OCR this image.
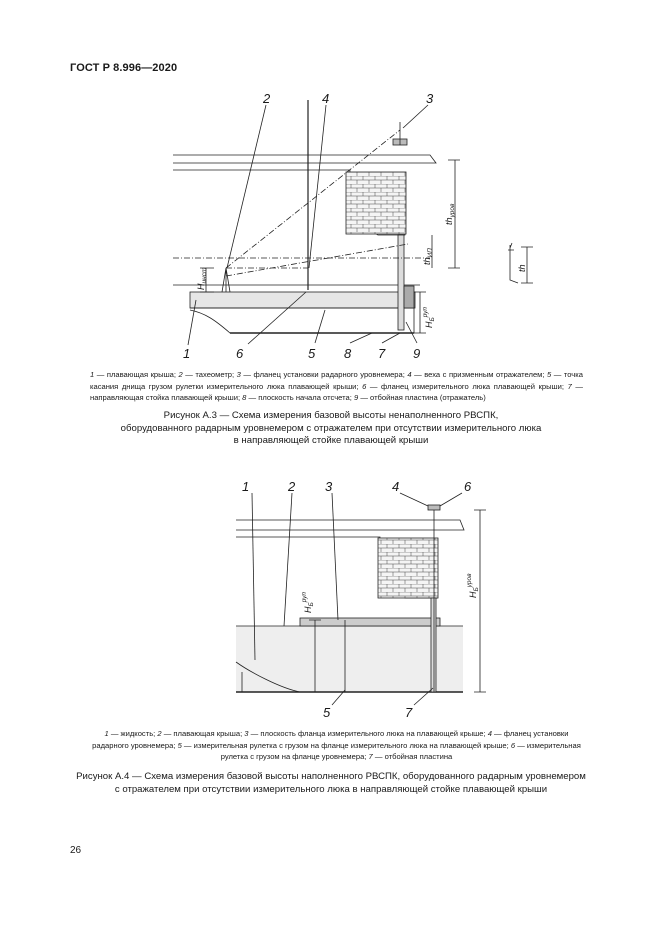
ГОСТ Р 8.996—2020
2	4	3
1	6	5 8 7 9
$H_{инст}$
$th_{уров}$
$th_{ИП}$
$H_Б^{руп}$
th
1 — плавающая крыша; 2 — тахеометр; 3 — фланец установки радарного уровнемера; 4 — веха с призменным отражателем; 5 — точка касания днища грузом рулетки измерительного люка плавающей крыши; 6 — фланец измерительного люка плавающей крыши; 7 — направляющая стойка плавающей крыши; 8 — плоскость начала отсчета; 9 — отбойная пластина (отражатель)
Рисунок А.3 — Схема измерения базовой высоты ненаполненного РВСПК,
оборудованного радарным уровнемером с отражателем при отсутствии измерительного люка
в направляющей стойке плавающей крыши
1	2 3	4	6
5	7
$H_Б^{руп}$	$H_Б^{уров}$
1 — жидкость; 2 — плавающая крыша; 3 — плоскость фланца измерительного люка на плавающей крыше; 4 — фланец установки радарного уровнемера; 5 — измерительная рулетка с грузом на фланце измерительного люка на плавающей крыше; 6 — измерительная рулетка с грузом на фланце уровнемера; 7 — отбойная пластина
Рисунок А.4 — Схема измерения базовой высоты наполненного РВСПК, оборудованного радарным уровнемером
с отражателем при отсутствии измерительного люка в направляющей стойке плавающей крыши
26
